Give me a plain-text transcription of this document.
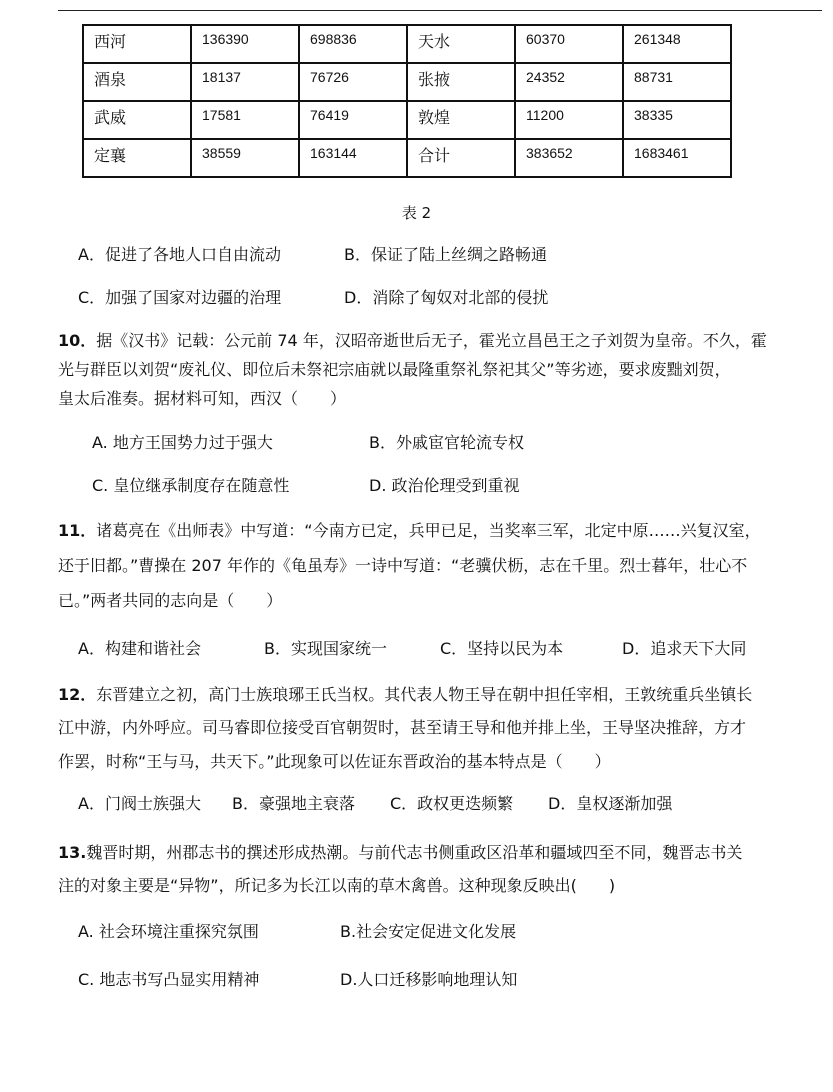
西河	136390	698836	天水	60370	261348
酒泉	18137	76726	张掖	24352	88731
武威	17581	76419	敦煌	11200	38335
定襄	38559	163144	合计	383652	1683461
表 2
A．促进了各地人口自由流动	B．保证了陆上丝绸之路畅通
C．加强了国家对边疆的治理	D．消除了匈奴对北部的侵扰
10．据《汉书》记载：公元前 74 年，汉昭帝逝世后无子，霍光立昌邑王之子刘贺为皇帝。不久，霍
光与群臣以刘贺“废礼仪、即位后未祭祀宗庙就以最隆重祭礼祭祀其父”等劣迹，要求废黜刘贺，
皇太后准奏。据材料可知，西汉（　　）
A. 地方王国势力过于强大	B．外戚宦官轮流专权
C. 皇位继承制度存在随意性	D. 政治伦理受到重视
11．诸葛亮在《出师表》中写道：“今南方已定，兵甲已足，当奖率三军，北定中原……兴复汉室，
还于旧都。”曹操在 207 年作的《龟虽寿》一诗中写道：“老骥伏枥，志在千里。烈士暮年，壮心不
已。”两者共同的志向是（　　）
A．构建和谐社会	B．实现国家统一	C．坚持以民为本	D．追求天下大同
12．东晋建立之初，高门士族琅琊王氏当权。其代表人物王导在朝中担任宰相，王敦统重兵坐镇长
江中游，内外呼应。司马睿即位接受百官朝贺时，甚至请王导和他并排上坐，王导坚决推辞，方才
作罢，时称“王与马，共天下。”此现象可以佐证东晋政治的基本特点是（　　）
A．门阀士族强大 B．豪强地主衰落 C．政权更迭频繁 D．皇权逐渐加强
13.魏晋时期，州郡志书的撰述形成热潮。与前代志书侧重政区沿革和疆域四至不同，魏晋志书关
注的对象主要是“异物”，所记多为长江以南的草木禽兽。这种现象反映出(　　)
A. 社会环境注重探究氛围	B.社会安定促进文化发展
C. 地志书写凸显实用精神	D.人口迁移影响地理认知
